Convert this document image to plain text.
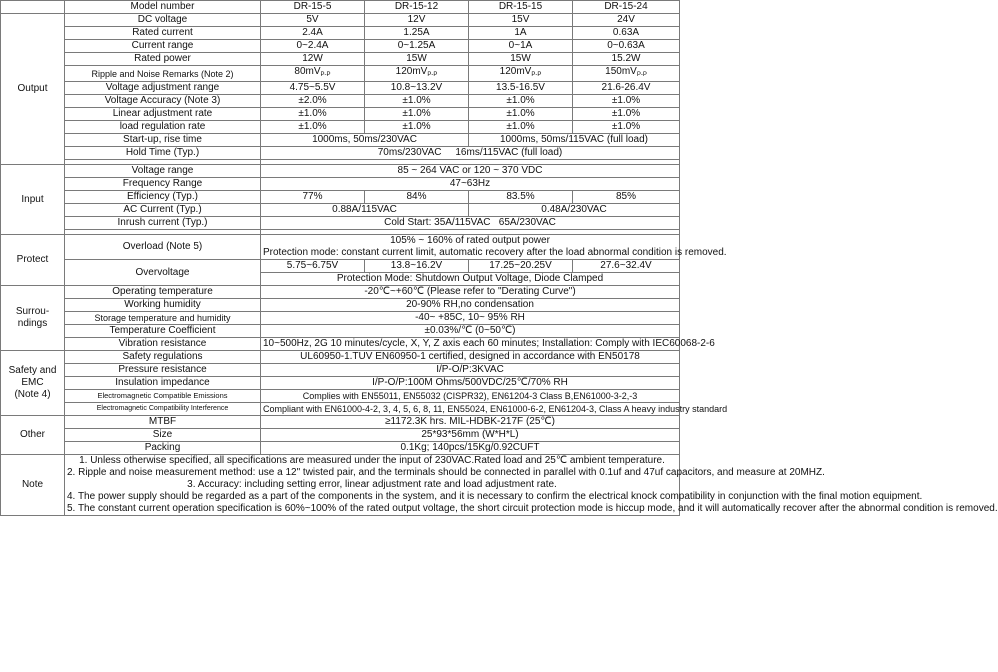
	Model number	DR-15-5	DR-15-12	DR-15-15	DR-15-24
Output	DC voltage	5V	12V	15V	24V
	Rated current	2.4A	1.25A	1A	0.63A
	Current range	0~2.4A	0~1.25A	0~1A	0~0.63A
	Rated power	12W	15W	15W	15.2W
	Ripple and Noise Remarks (Note 2)	$80mV_{P-P}$	$120mV_{P-P}$	$120mV_{P-P}$	$150mV_{P-P}$
	Voltage adjustment range	4.75~5.5V	10.8~13.2V	13.5-16.5V	21.6-26.4V
	Voltage Accuracy (Note 3)	±2.0%	±1.0%	±1.0%	±1.0%
	Linear adjustment rate	±1.0%	±1.0%	±1.0%	±1.0%
	load regulation rate	±1.0%	±1.0%	±1.0%	±1.0%
	Start-up, rise time	1000ms, 50ms/230VAC		1000ms, 50ms/115VAC (full load)	
	Hold Time (Typ.)	70ms/230VAC     16ms/115VAC (full load)			

Input	Voltage range	85 ~ 264 VAC or 120 ~ 370 VDC			
	Frequency Range	47~63Hz			
	Efficiency (Typ.)	77%	84%	83.5%	85%
	AC Current (Typ.)	0.88A/115VAC		0.48A/230VAC	
	Inrush current (Typ.)	Cold Start: 35A/115VAC   65A/230VAC			

Protect	Overload (Note 5)	105% ~ 160% of rated output power
Protection mode: constant current limit, automatic recovery after the load abnormal condition is removed.			

	Overvoltage	5.75~6.75V	13.8~16.2V	17.25~20.25V	27.6~32.4V
		Protection Mode: Shutdown Output Voltage, Diode Clamped			
Surrou-
ndings	Operating temperature	-20℃~+60℃ (Please refer to "Derating Curve")			
	Working humidity	20-90% RH,no condensation			
	Storage temperature and humidity	-40~ +85C, 10~ 95% RH			
	Temperature Coefficient	±0.03%/℃ (0~50℃)			
	Vibration resistance	10~500Hz, 2G 10 minutes/cycle, X, Y, Z axis each 60 minutes; Installation: Comply with IEC60068-2-6			
Safety and
EMC
(Note 4)	Safety regulations	UL60950-1.TUV EN60950-1 certified, designed in accordance with EN50178			
	Pressure resistance	I/P-O/P:3KVAC			
	Insulation impedance	I/P-O/P:100M Ohms/500VDC/25℃/70% RH			
	Electromagnetic Compatible Emissions	Complies with EN55011, EN55032 (CISPR32), EN61204-3 Class B,EN61000-3-2,-3			
	Electromagnetic Compatibility Interference	Compliant with EN61000-4-2, 3, 4, 5, 6, 8, 11, EN55024, EN61000-6-2, EN61204-3, Class A heavy industry standard			
Other	MTBF	≥1172.3K hrs. MIL-HDBK-217F (25℃)			
	Size	25*93*56mm (W*H*L)			
	Packing	0.1Kg; 140pcs/15Kg/0.92CUFT			
Note	1. Unless otherwise specified, all specifications are measured under the input of 230VAC.Rated load and 25℃ ambient temperature.

2. Ripple and noise measurement method: use a 12" twisted pair, and the terminals should be connected in parallel with 0.1uf and 47uf capacitors, and measure at 20MHZ.

3. Accuracy: including setting error, linear adjustment rate and load adjustment rate.

4. The power supply should be regarded as a part of the components in the system, and it is necessary to confirm the electrical knock compatibility in conjunction with the final motion equipment.

5. The constant current operation specification is 60%~100% of the rated output voltage, the short circuit protection mode is hiccup mode, and it will automatically recover after the abnormal condition is removed.				
